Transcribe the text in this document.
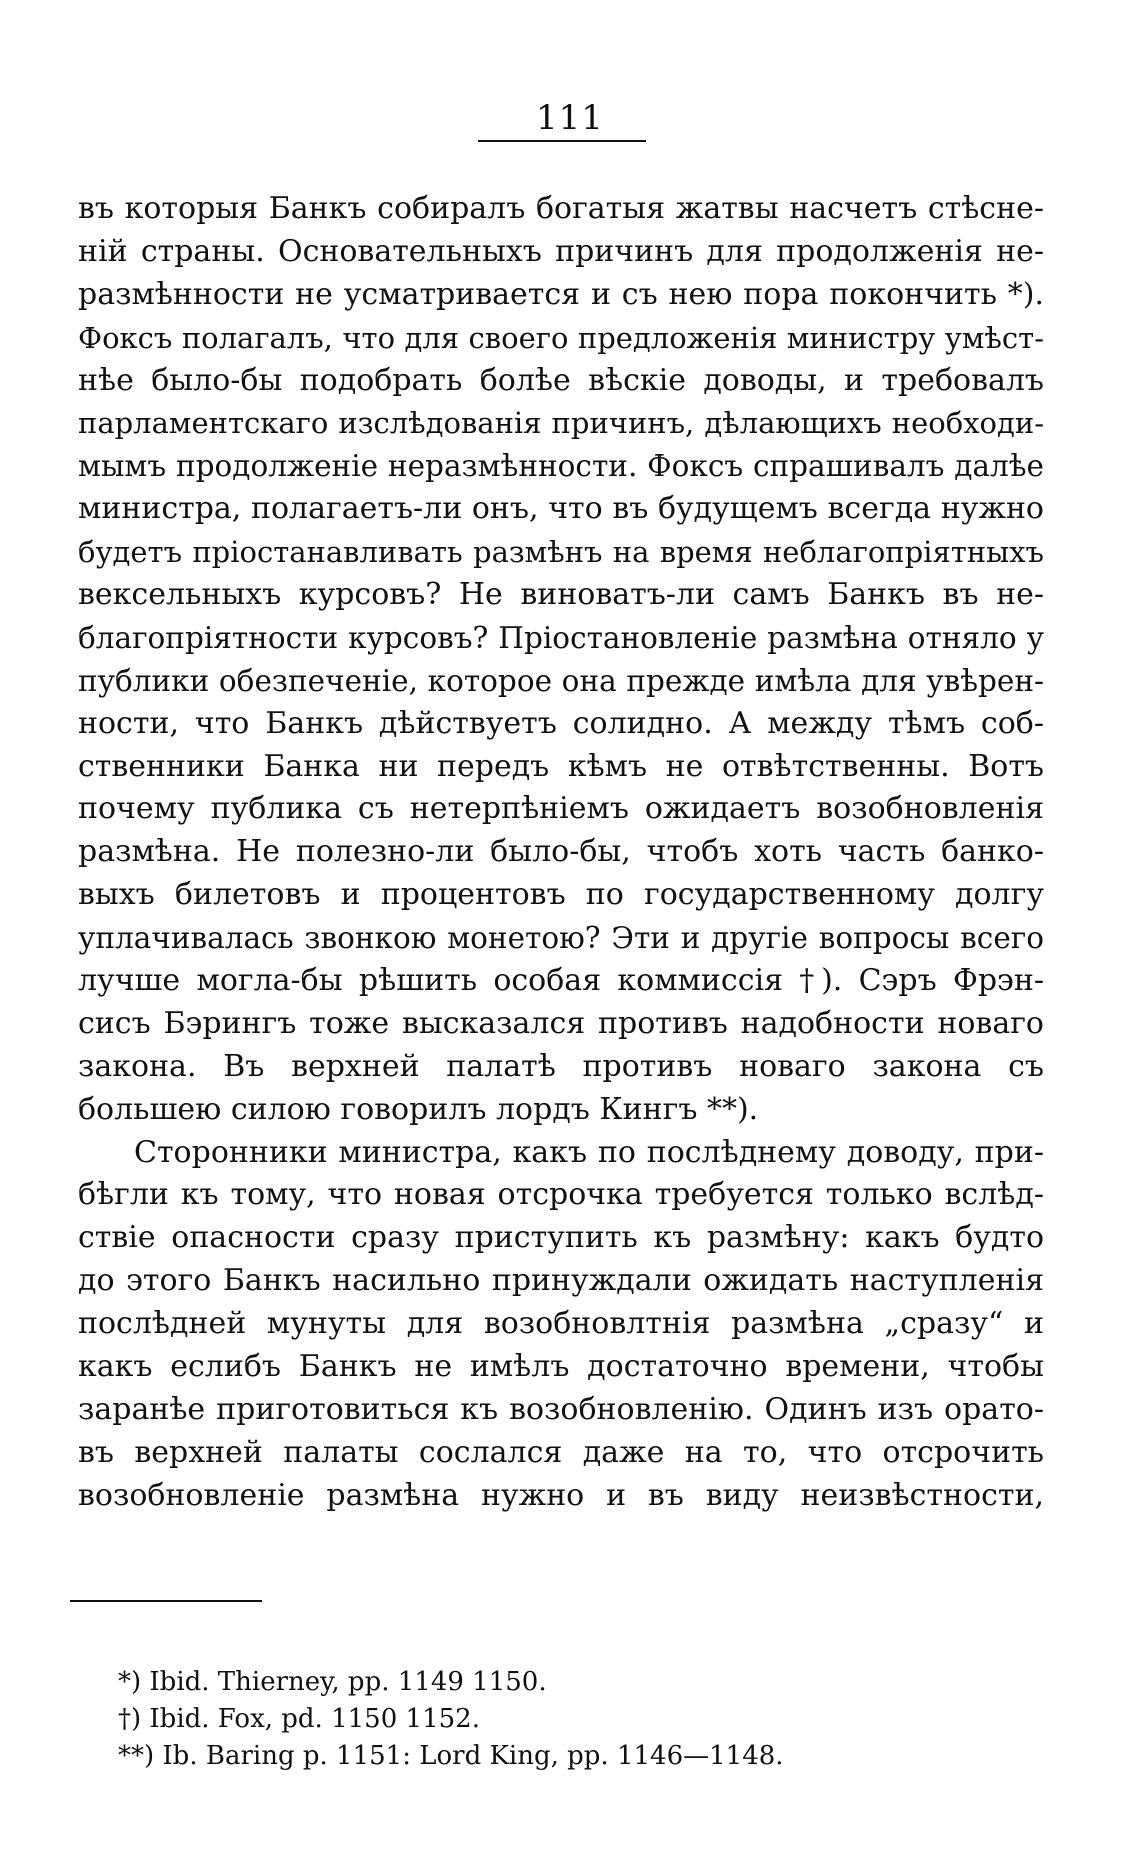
111
въ которыя Банкъ собиралъ богатыя жатвы насчетъ стѣсне-
ній страны. Основательныхъ причинъ для продолженія не-
размѣнности не усматривается и съ нею пора покончить *).
Фоксъ полагалъ, что для своего предложенія министру умѣст-
нѣе было-бы подобрать болѣе вѣскіе доводы, и требовалъ
парламентскаго изслѣдованія причинъ, дѣлающихъ необходи-
мымъ продолженіе неразмѣнности. Фоксъ спрашивалъ далѣе
министра, полагаетъ-ли онъ, что въ будущемъ всегда нужно
будетъ пріостанавливать размѣнъ на время неблагопріятныхъ
вексельныхъ курсовъ? Не виноватъ-ли самъ Банкъ въ не-
благопріятности курсовъ? Пріостановленіе размѣна отняло у
публики обезпеченіе, которое она прежде имѣла для увѣрен-
ности, что Банкъ дѣйствуетъ солидно. А между тѣмъ соб-
ственники Банка ни передъ кѣмъ не отвѣтственны. Вотъ
почему публика съ нетерпѣніемъ ожидаетъ возобновленія
размѣна. Не полезно-ли было-бы, чтобъ хоть часть банко-
выхъ билетовъ и процентовъ по государственному долгу
уплачивалась звонкою монетою? Эти и другіе вопросы всего
лучше могла-бы рѣшить особая коммиссія †). Сэръ Фрэн-
сисъ Бэрингъ тоже высказался противъ надобности новаго
закона. Въ верхней палатѣ противъ новаго закона съ
большею силою говорилъ лордъ Кингъ **).
Сторонники министра, какъ по послѣднему доводу, при-
бѣгли къ тому, что новая отсрочка требуется только вслѣд-
ствіе опасности сразу приступить къ размѣну: какъ будто
до этого Банкъ насильно принуждали ожидать наступленія
послѣдней мунуты для возобновлтнія размѣна „сразу“ и
какъ еслибъ Банкъ не имѣлъ достаточно времени, чтобы
заранѣе приготовиться къ возобновленію. Одинъ изъ орато-
въ верхней палаты сослался даже на то, что отсрочить
возобновленіе размѣна нужно и въ виду неизвѣстности,
*) Ibid. Thierney, pp. 1149 1150.
†) Ibid. Fox, pd. 1150 1152.
**) Ib. Baring p. 1151: Lord King, pp. 1146—1148.
